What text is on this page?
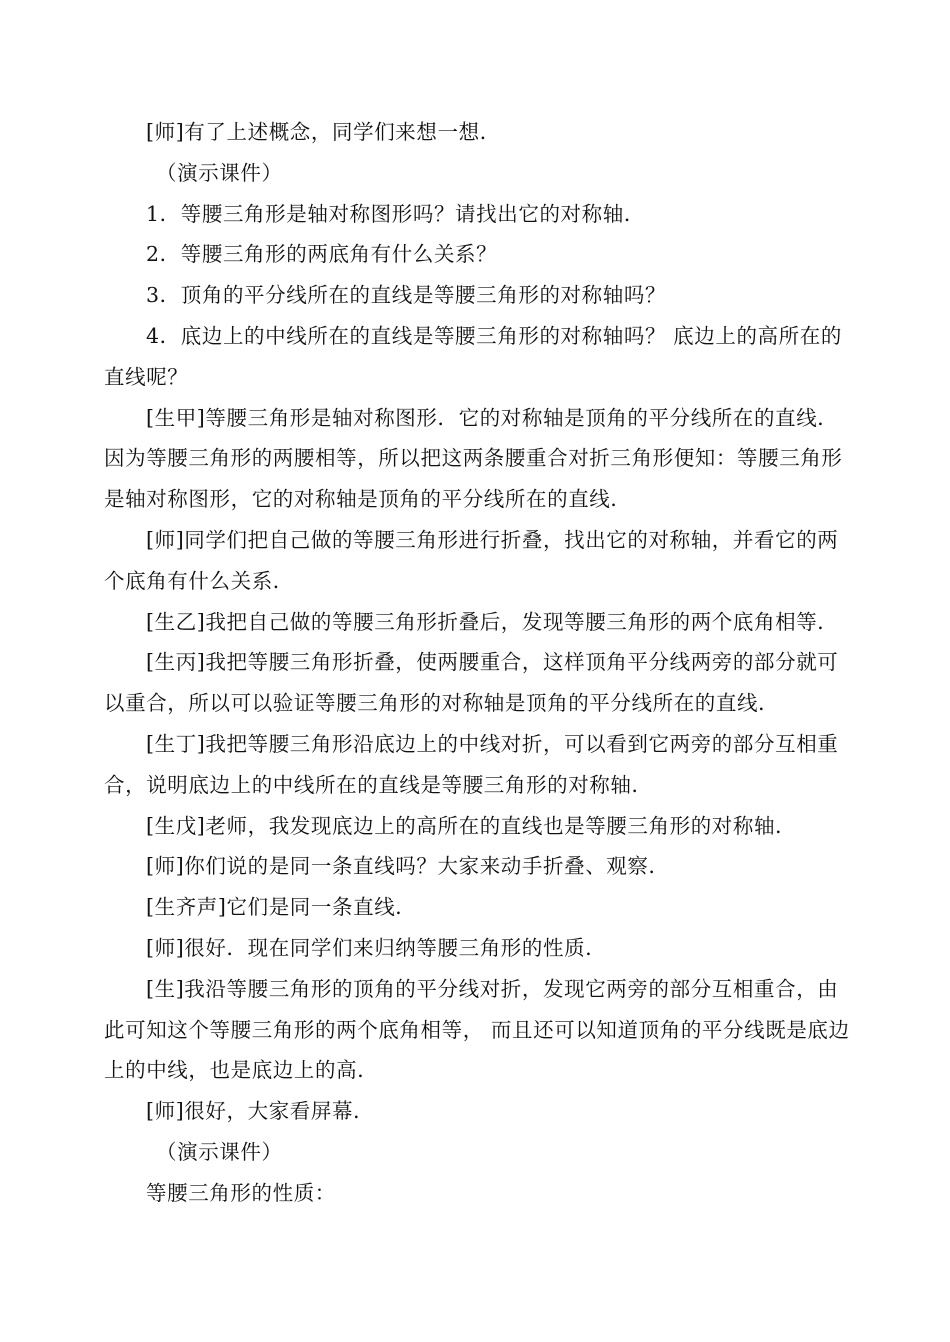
[师]有了上述概念，同学们来想一想．

（演示课件）

1．等腰三角形是轴对称图形吗？请找出它的对称轴．

2．等腰三角形的两底角有什么关系？

3．顶角的平分线所在的直线是等腰三角形的对称轴吗？

4．底边上的中线所在的直线是等腰三角形的对称轴吗？ 底边上的高所在的直线呢？

[生甲]等腰三角形是轴对称图形．它的对称轴是顶角的平分线所在的直线．因为等腰三角形的两腰相等，所以把这两条腰重合对折三角形便知：等腰三角形是轴对称图形，它的对称轴是顶角的平分线所在的直线．

[师]同学们把自己做的等腰三角形进行折叠，找出它的对称轴，并看它的两个底角有什么关系．

[生乙]我把自己做的等腰三角形折叠后，发现等腰三角形的两个底角相等．

[生丙]我把等腰三角形折叠，使两腰重合，这样顶角平分线两旁的部分就可以重合，所以可以验证等腰三角形的对称轴是顶角的平分线所在的直线．

[生丁]我把等腰三角形沿底边上的中线对折，可以看到它两旁的部分互相重合，说明底边上的中线所在的直线是等腰三角形的对称轴．

[生戊]老师，我发现底边上的高所在的直线也是等腰三角形的对称轴．

[师]你们说的是同一条直线吗？大家来动手折叠、观察．

[生齐声]它们是同一条直线．

[师]很好．现在同学们来归纳等腰三角形的性质．

[生]我沿等腰三角形的顶角的平分线对折，发现它两旁的部分互相重合，由此可知这个等腰三角形的两个底角相等， 而且还可以知道顶角的平分线既是底边上的中线，也是底边上的高．

[师]很好，大家看屏幕．

（演示课件）

等腰三角形的性质：
